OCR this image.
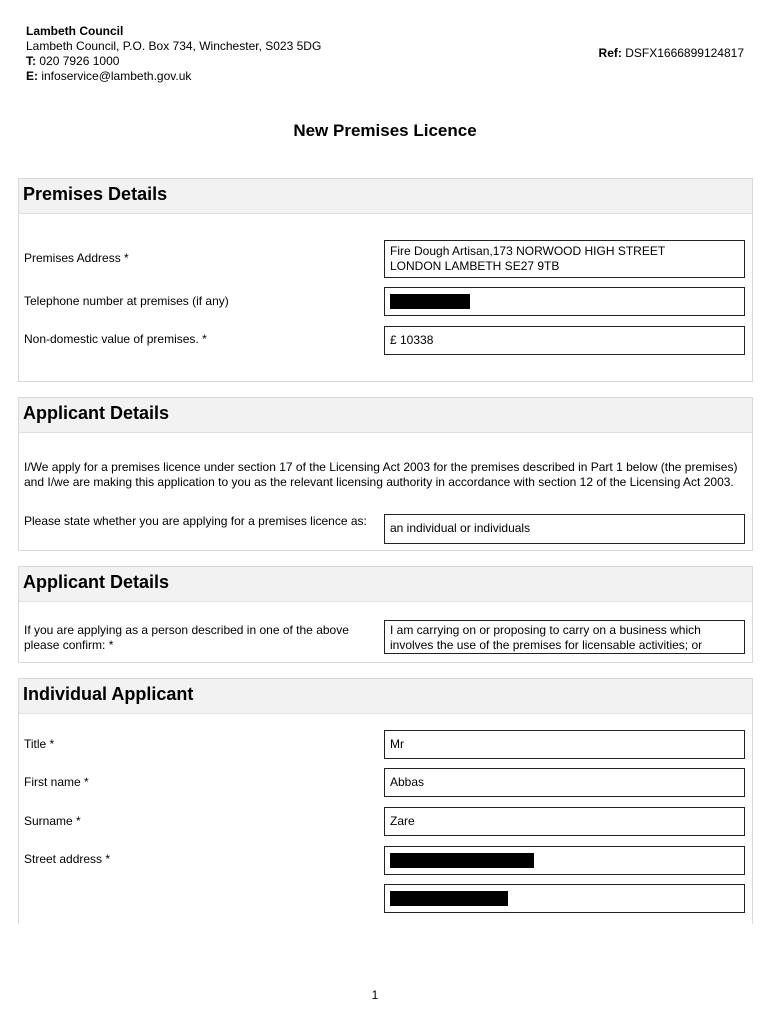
Lambeth Council
Lambeth Council, P.O. Box 734, Winchester, S023 5DG
T: 020 7926 1000
E: infoservice@lambeth.gov.uk
Ref: DSFX1666899124817
New Premises Licence
Premises Details
Premises Address *	Fire Dough Artisan,173 NORWOOD HIGH STREET
LONDON LAMBETH SE27 9TB
Telephone number at premises (if any)
Non-domestic value of premises. *	£ 10338
Applicant Details
I/We apply for a premises licence under section 17 of the Licensing Act 2003 for the premises described in Part 1 below (the premises) and I/we are making this application to you as the relevant licensing authority in accordance with section 12 of the Licensing Act 2003.
Please state whether you are applying for a premises licence as:	an individual or individuals
Applicant Details
If you are applying as a person described in one of the above please confirm: *
I am carrying on or proposing to carry on a business which involves the use of the premises for licensable activities; or
Individual Applicant
Title *	Mr
First name *	Abbas
Surname *	Zare
Street address *
1
